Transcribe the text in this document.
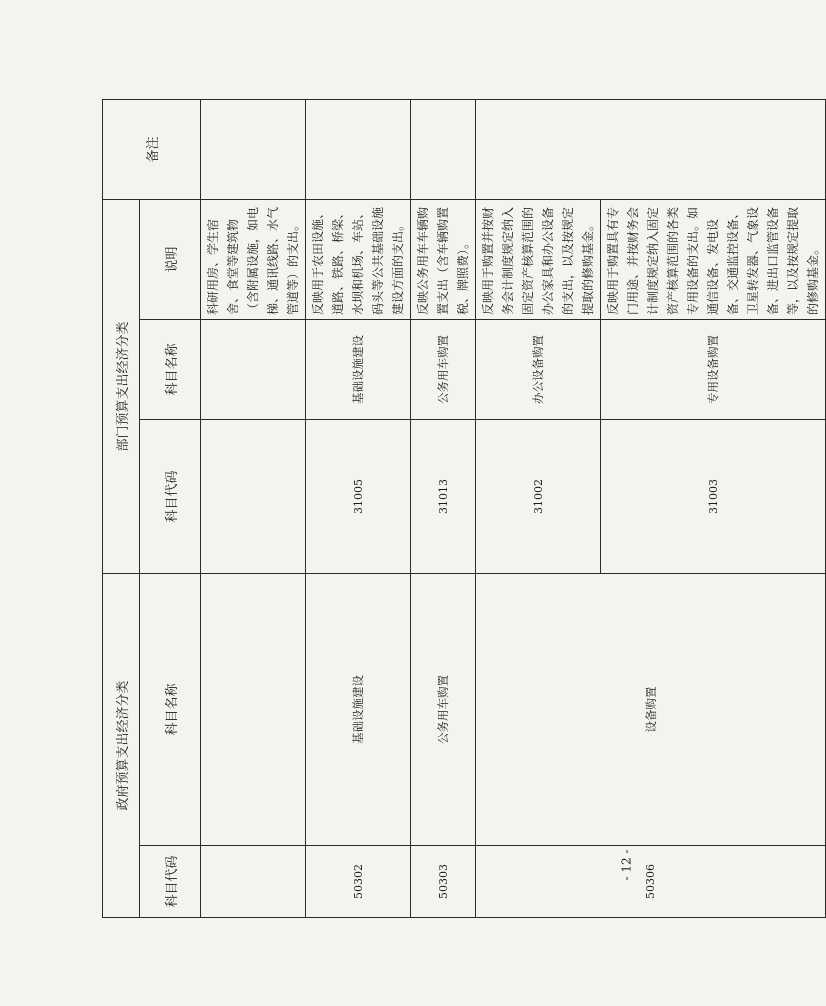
政府预算支出经济分类		部门预算支出经济分类			备注
科目代码	科目名称	科目代码	科目名称	说明	
				科研用房、学生宿舍、食堂等建筑物（含附属设施，如电梯、通讯线路、水气管道等）的支出。	
50302	基础设施建设	31005	基础设施建设	反映用于农田设施、道路、铁路、桥梁、水坝和机场、车站、码头等公共基础设施建设方面的支出。	
50303	公务用车购置	31013	公务用车购置	反映公务用车车辆购置支出（含车辆购置税、牌照费）。	
50306	设备购置	31002	办公设备购置	反映用于购置并按财务会计制度规定纳入固定资产核算范围的办公家具和办公设备的支出，以及按规定提取的修购基金。	
		31003	专用设备购置	反映用于购置具有专门用途、并按财务会计制度规定纳入固定资产核算范围的各类专用设备的支出。如通信设备、发电设备、交通监控设备、卫星转发器、气象设备、进出口监管设备等，以及按规定提取的修购基金。	
- 12 -
